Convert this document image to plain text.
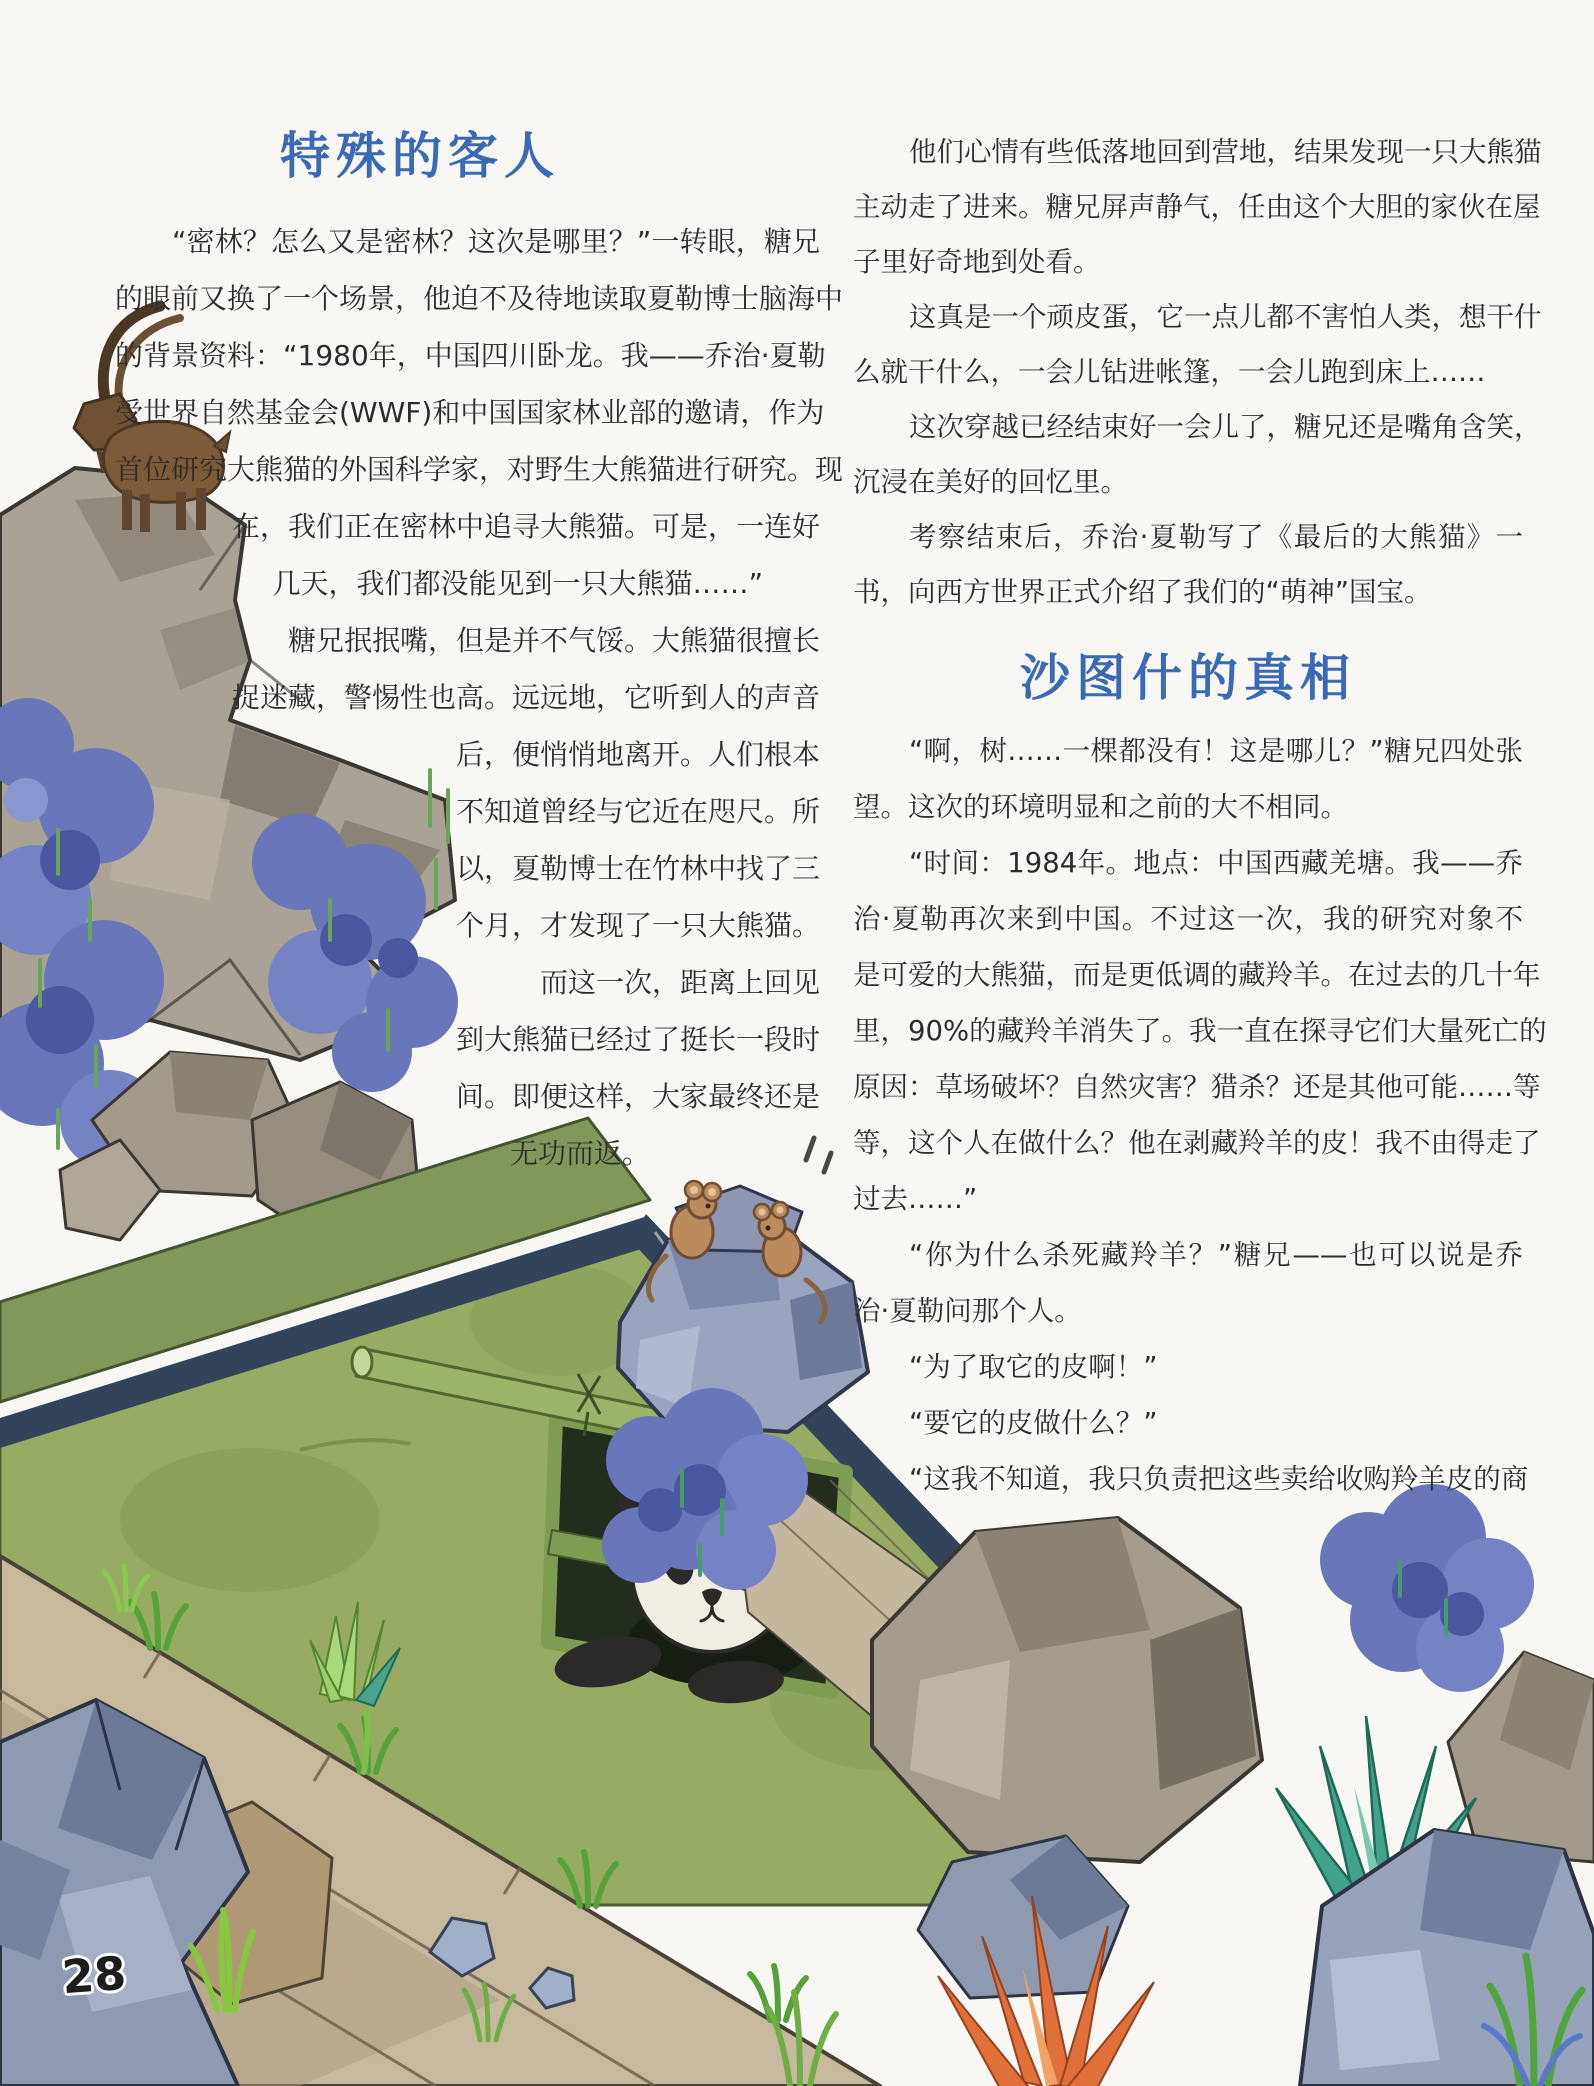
特殊的客人
“密林？怎么又是密林？这次是哪里？”一转眼，糖兄
的眼前又换了一个场景，他迫不及待地读取夏勒博士脑海中
的背景资料：“1980年，中国四川卧龙。我——乔治·夏勒
受世界自然基金会(WWF)和中国国家林业部的邀请，作为
首位研究大熊猫的外国科学家，对野生大熊猫进行研究。现
在，我们正在密林中追寻大熊猫。可是，一连好
几天，我们都没能见到一只大熊猫……”
糖兄抿抿嘴，但是并不气馁。大熊猫很擅长
捉迷藏，警惕性也高。远远地，它听到人的声音
后，便悄悄地离开。人们根本
不知道曾经与它近在咫尺。所
以，夏勒博士在竹林中找了三
个月，才发现了一只大熊猫。
而这一次，距离上回见
到大熊猫已经过了挺长一段时
间。即便这样，大家最终还是
无功而返。
他们心情有些低落地回到营地，结果发现一只大熊猫
主动走了进来。糖兄屏声静气，任由这个大胆的家伙在屋
子里好奇地到处看。
这真是一个顽皮蛋，它一点儿都不害怕人类，想干什
么就干什么，一会儿钻进帐篷，一会儿跑到床上……
这次穿越已经结束好一会儿了，糖兄还是嘴角含笑，
沉浸在美好的回忆里。
考察结束后，乔治·夏勒写了《最后的大熊猫》一
书，向西方世界正式介绍了我们的“萌神”国宝。
沙图什的真相
“啊，树……一棵都没有！这是哪儿？”糖兄四处张
望。这次的环境明显和之前的大不相同。
“时间：1984年。地点：中国西藏羌塘。我——乔
治·夏勒再次来到中国。不过这一次，我的研究对象不
是可爱的大熊猫，而是更低调的藏羚羊。在过去的几十年
里，90%的藏羚羊消失了。我一直在探寻它们大量死亡的
原因：草场破坏？自然灾害？猎杀？还是其他可能……等
等，这个人在做什么？他在剥藏羚羊的皮！我不由得走了
过去……”
“你为什么杀死藏羚羊？”糖兄——也可以说是乔
治·夏勒问那个人。
“为了取它的皮啊！”
“要它的皮做什么？”
“这我不知道，我只负责把这些卖给收购羚羊皮的商
28
